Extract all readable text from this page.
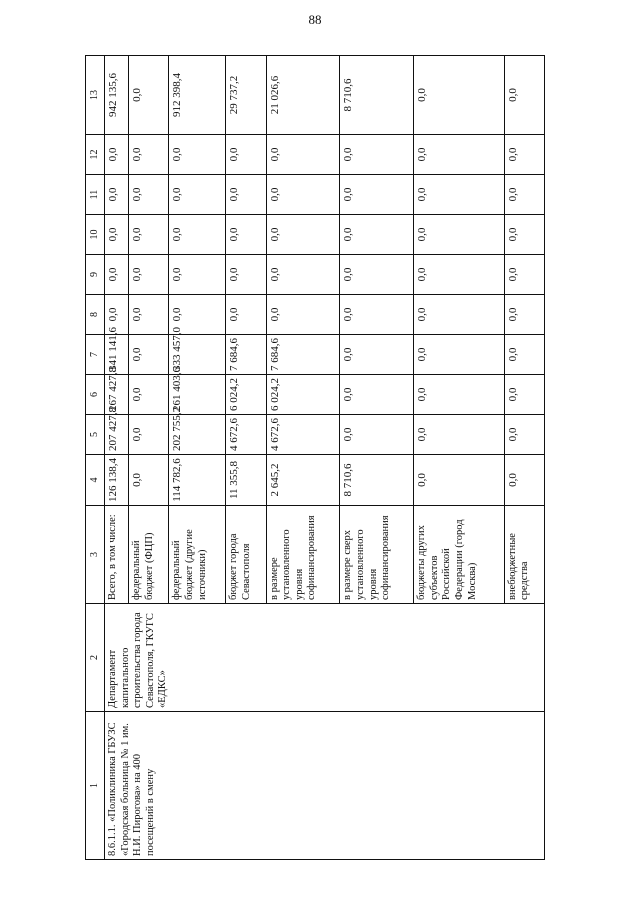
88
1	2	3	4	5	6	7	8	9	10	11	12	13
8.6.1.1. «Поликлиника ГБУЗС «Городская больница № 1 им. Н.И. Пирогова» на 400 посещений в смену	Департамент капитального строительства города Севастополя, ГКУГС «ЕДКС»	Всего, в том числе:	126 138,4	207 427,8	267 427,8	341 141,6	0,0	0,0	0,0	0,0	0,0	942 135,6
		федеральный бюджет (ФЦП)	0,0	0,0	0,0	0,0	0,0	0,0	0,0	0,0	0,0	0,0
		федеральный бюджет (другие источники)	114 782,6	202 755,2	261 403,6	333 457,0	0,0	0,0	0,0	0,0	0,0	912 398,4
		бюджет города Севастополя	11 355,8	4 672,6	6 024,2	7 684,6	0,0	0,0	0,0	0,0	0,0	29 737,2
		в размере установленного уровня софинансирования	2 645,2	4 672,6	6 024,2	7 684,6	0,0	0,0	0,0	0,0	0,0	21 026,6
		в размере сверх установленного уровня софинансирования	8 710,6	0,0	0,0	0,0	0,0	0,0	0,0	0,0	0,0	8 710,6
		бюджеты других субъектов Российской Федерации (город Москва)	0,0	0,0	0,0	0,0	0,0	0,0	0,0	0,0	0,0	0,0
		внебюджетные средства	0,0	0,0	0,0	0,0	0,0	0,0	0,0	0,0	0,0	0,0
